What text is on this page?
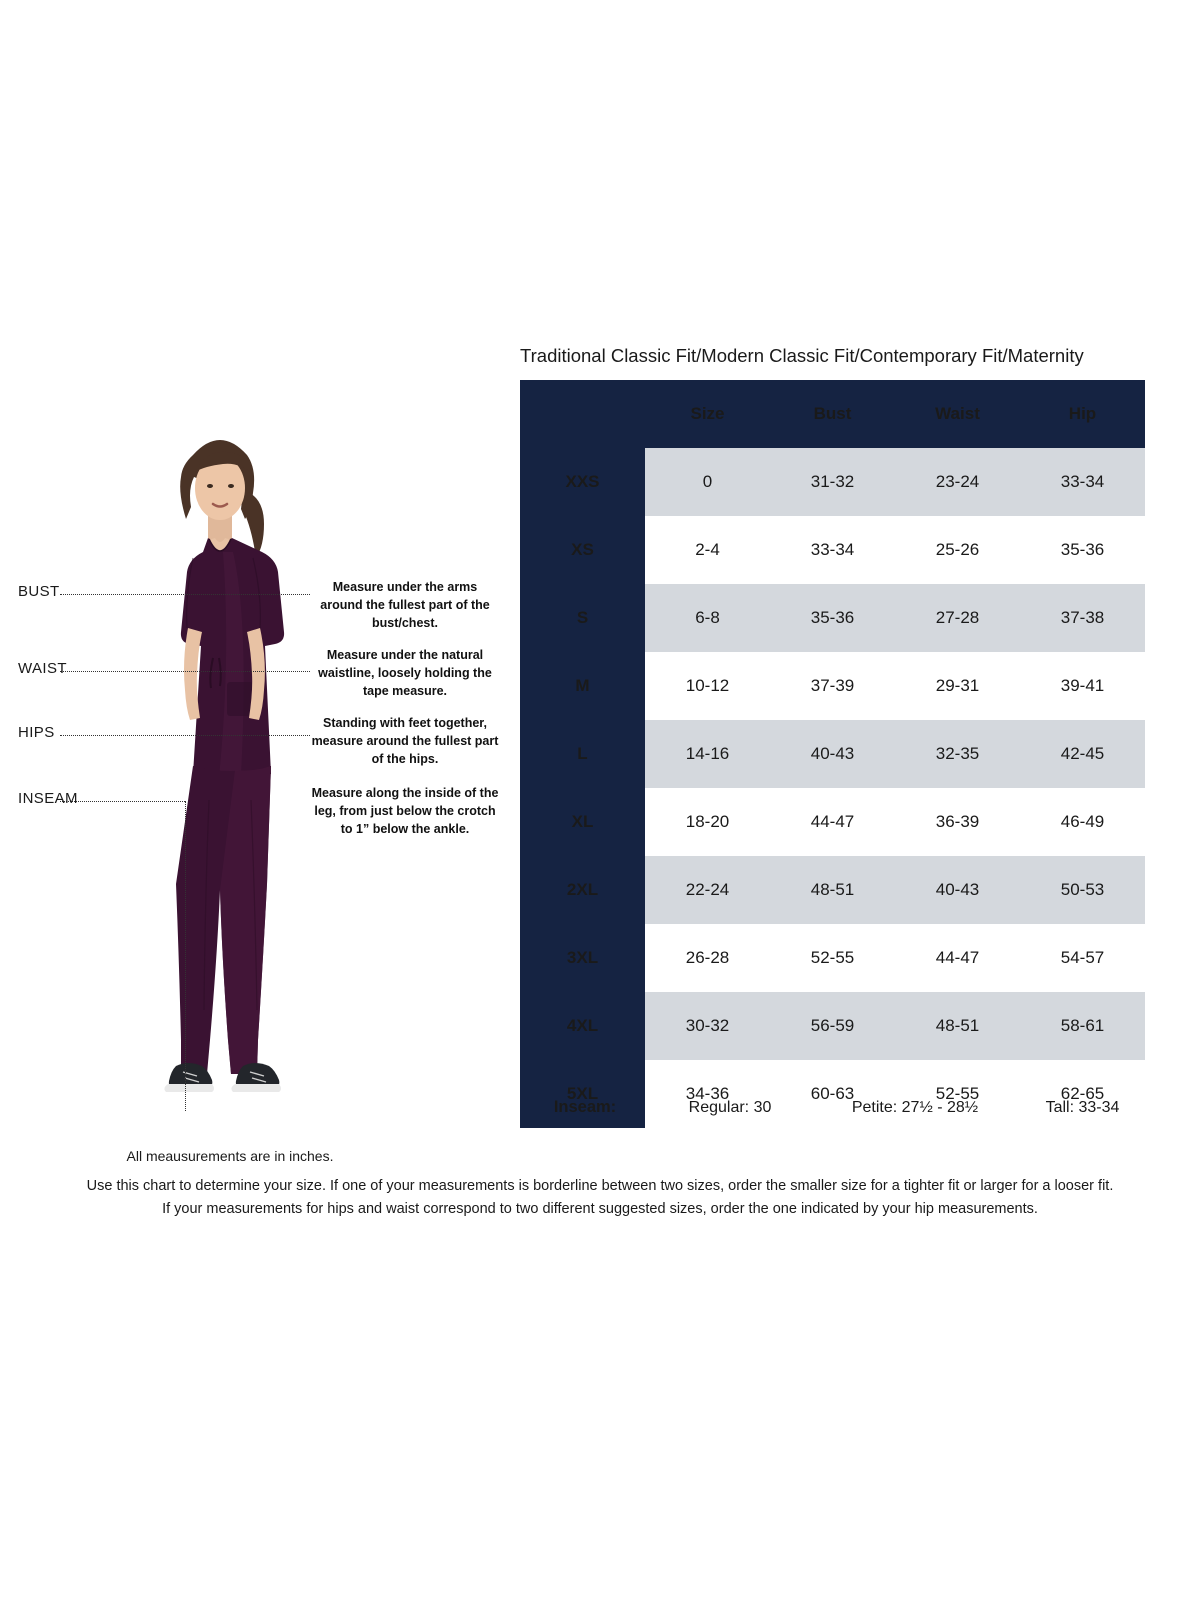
BUST
WAIST
HIPS
INSEAM
Measure under the arms around the fullest part of the bust/chest.
Measure under the natural waistline, loosely holding the tape measure.
Standing with feet together, measure around the fullest part of the hips.
Measure along the inside of the leg, from just below the crotch to 1” below the ankle.
All meausurements are in inches.
Traditional Classic Fit/Modern Classic Fit/Contemporary Fit/Maternity
	Size	Bust	Waist	Hip
XXS	0	31-32	23-24	33-34
XS	2-4	33-34	25-26	35-36
S	6-8	35-36	27-28	37-38
M	10-12	37-39	29-31	39-41
L	14-16	40-43	32-35	42-45
XL	18-20	44-47	36-39	46-49
2XL	22-24	48-51	40-43	50-53
3XL	26-28	52-55	44-47	54-57
4XL	30-32	56-59	48-51	58-61
5XL	34-36	60-63	52-55	62-65
Inseam:	Regular: 30	Petite: 27½ - 28½	Tall: 33-34
Use this chart to determine your size. If one of your measurements is borderline between two sizes, order the smaller size for a tighter fit or larger for a looser fit.
If your measurements for hips and waist correspond to two different suggested sizes, order the one indicated by your hip measurements.
